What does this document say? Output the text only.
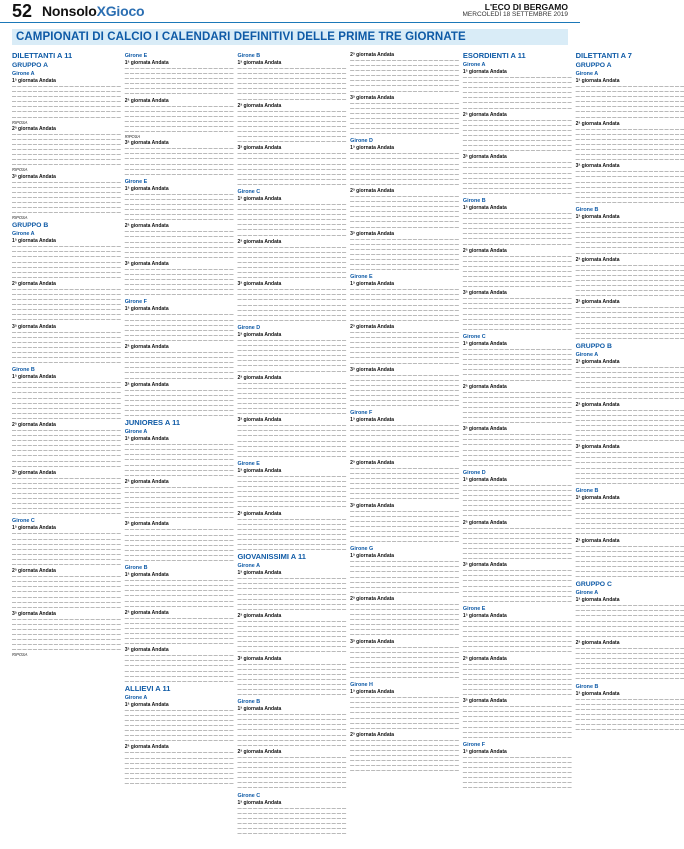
52 NonsoloXGioco	L'ECO DI BERGAMO
MERCOLEDÌ 18 SETTEMBRE 2019
CAMPIONATI DI CALCIO I CALENDARI DEFINITIVI DELLE PRIME TRE GIORNATE
DILETTANTI A 11
GRUPPO A
Girone A
1ª giornata Andata
— — — — — — — — — — — — — — — — — — — — —
— — — — — — — — — — — — — — — — — — — — —
— — — — — — — — — — — — — — — — — — — — —
— — — — — — — — — — — — — — — — — — — — —
— — — — — — — — — — — — — — — — — — — — —
— — — — — — — — — — — — — — — — — — — — —
— — — — — — — — — — — — — — — — — — — — —
RIPOSA
2ª giornata Andata
— — — — — — — — — — — — — — — — — — — — —
— — — — — — — — — — — — — — — — — — — — —
— — — — — — — — — — — — — — — — — — — — —
— — — — — — — — — — — — — — — — — — — — —
— — — — — — — — — — — — — — — — — — — — —
— — — — — — — — — — — — — — — — — — — — —
— — — — — — — — — — — — — — — — — — — — —
RIPOSA
3ª giornata Andata
— — — — — — — — — — — — — — — — — — — — —
— — — — — — — — — — — — — — — — — — — — —
— — — — — — — — — — — — — — — — — — — — —
— — — — — — — — — — — — — — — — — — — — —
— — — — — — — — — — — — — — — — — — — — —
— — — — — — — — — — — — — — — — — — — — —
— — — — — — — — — — — — — — — — — — — — —
RIPOSA
GRUPPO B
Girone A
1ª giornata Andata
— — — — — — — — — — — — — — — — — — — — —
— — — — — — — — — — — — — — — — — — — — —
— — — — — — — — — — — — — — — — — — — — —
— — — — — — — — — — — — — — — — — — — — —
— — — — — — — — — — — — — — — — — — — — —
— — — — — — — — — — — — — — — — — — — — —
— — — — — — — — — — — — — — — — — — — — —
2ª giornata Andata
— — — — — — — — — — — — — — — — — — — — —
— — — — — — — — — — — — — — — — — — — — —
— — — — — — — — — — — — — — — — — — — — —
— — — — — — — — — — — — — — — — — — — — —
— — — — — — — — — — — — — — — — — — — — —
— — — — — — — — — — — — — — — — — — — — —
— — — — — — — — — — — — — — — — — — — — —
3ª giornata Andata
— — — — — — — — — — — — — — — — — — — — —
— — — — — — — — — — — — — — — — — — — — —
— — — — — — — — — — — — — — — — — — — — —
— — — — — — — — — — — — — — — — — — — — —
— — — — — — — — — — — — — — — — — — — — —
— — — — — — — — — — — — — — — — — — — — —
— — — — — — — — — — — — — — — — — — — — —
Girone B
1ª giornata Andata
— — — — — — — — — — — — — — — — — — — — —
— — — — — — — — — — — — — — — — — — — — —
— — — — — — — — — — — — — — — — — — — — —
— — — — — — — — — — — — — — — — — — — — —
— — — — — — — — — — — — — — — — — — — — —
— — — — — — — — — — — — — — — — — — — — —
— — — — — — — — — — — — — — — — — — — — —
— — — — — — — — — — — — — — — — — — — — —
2ª giornata Andata
— — — — — — — — — — — — — — — — — — — — —
— — — — — — — — — — — — — — — — — — — — —
— — — — — — — — — — — — — — — — — — — — —
— — — — — — — — — — — — — — — — — — — — —
— — — — — — — — — — — — — — — — — — — — —
— — — — — — — — — — — — — — — — — — — — —
— — — — — — — — — — — — — — — — — — — — —
— — — — — — — — — — — — — — — — — — — — —
3ª giornata Andata
— — — — — — — — — — — — — — — — — — — — —
— — — — — — — — — — — — — — — — — — — — —
— — — — — — — — — — — — — — — — — — — — —
— — — — — — — — — — — — — — — — — — — — —
— — — — — — — — — — — — — — — — — — — — —
— — — — — — — — — — — — — — — — — — — — —
— — — — — — — — — — — — — — — — — — — — —
— — — — — — — — — — — — — — — — — — — — —
Girone C
1ª giornata Andata
— — — — — — — — — — — — — — — — — — — — —
— — — — — — — — — — — — — — — — — — — — —
— — — — — — — — — — — — — — — — — — — — —
— — — — — — — — — — — — — — — — — — — — —
— — — — — — — — — — — — — — — — — — — — —
— — — — — — — — — — — — — — — — — — — — —
— — — — — — — — — — — — — — — — — — — — —
2ª giornata Andata
— — — — — — — — — — — — — — — — — — — — —
— — — — — — — — — — — — — — — — — — — — —
— — — — — — — — — — — — — — — — — — — — —
— — — — — — — — — — — — — — — — — — — — —
— — — — — — — — — — — — — — — — — — — — —
— — — — — — — — — — — — — — — — — — — — —
— — — — — — — — — — — — — — — — — — — — —
3ª giornata Andata
— — — — — — — — — — — — — — — — — — — — —
— — — — — — — — — — — — — — — — — — — — —
— — — — — — — — — — — — — — — — — — — — —
— — — — — — — — — — — — — — — — — — — — —
— — — — — — — — — — — — — — — — — — — — —
— — — — — — — — — — — — — — — — — — — — —
— — — — — — — — — — — — — — — — — — — — —
RIPOSA
Girone E
1ª giornata Andata
— — — — — — — — — — — — — — — — — — — — —
— — — — — — — — — — — — — — — — — — — — —
— — — — — — — — — — — — — — — — — — — — —
— — — — — — — — — — — — — — — — — — — — —
— — — — — — — — — — — — — — — — — — — — —
— — — — — — — — — — — — — — — — — — — — —
2ª giornata Andata
— — — — — — — — — — — — — — — — — — — — —
— — — — — — — — — — — — — — — — — — — — —
— — — — — — — — — — — — — — — — — — — — —
— — — — — — — — — — — — — — — — — — — — —
— — — — — — — — — — — — — — — — — — — — —
— — — — — — — — — — — — — — — — — — — — —
RIPOSA
3ª giornata Andata
— — — — — — — — — — — — — — — — — — — — —
— — — — — — — — — — — — — — — — — — — — —
— — — — — — — — — — — — — — — — — — — — —
— — — — — — — — — — — — — — — — — — — — —
— — — — — — — — — — — — — — — — — — — — —
— — — — — — — — — — — — — — — — — — — — —
Girone E
1ª giornata Andata
— — — — — — — — — — — — — — — — — — — — —
— — — — — — — — — — — — — — — — — — — — —
— — — — — — — — — — — — — — — — — — — — —
— — — — — — — — — — — — — — — — — — — — —
— — — — — — — — — — — — — — — — — — — — —
— — — — — — — — — — — — — — — — — — — — —
2ª giornata Andata
— — — — — — — — — — — — — — — — — — — — —
— — — — — — — — — — — — — — — — — — — — —
— — — — — — — — — — — — — — — — — — — — —
— — — — — — — — — — — — — — — — — — — — —
— — — — — — — — — — — — — — — — — — — — —
— — — — — — — — — — — — — — — — — — — — —
3ª giornata Andata
— — — — — — — — — — — — — — — — — — — — —
— — — — — — — — — — — — — — — — — — — — —
— — — — — — — — — — — — — — — — — — — — —
— — — — — — — — — — — — — — — — — — — — —
— — — — — — — — — — — — — — — — — — — — —
— — — — — — — — — — — — — — — — — — — — —
Girone F
1ª giornata Andata
— — — — — — — — — — — — — — — — — — — — —
— — — — — — — — — — — — — — — — — — — — —
— — — — — — — — — — — — — — — — — — — — —
— — — — — — — — — — — — — — — — — — — — —
— — — — — — — — — — — — — — — — — — — — —
— — — — — — — — — — — — — — — — — — — — —
2ª giornata Andata
— — — — — — — — — — — — — — — — — — — — —
— — — — — — — — — — — — — — — — — — — — —
— — — — — — — — — — — — — — — — — — — — —
— — — — — — — — — — — — — — — — — — — — —
— — — — — — — — — — — — — — — — — — — — —
— — — — — — — — — — — — — — — — — — — — —
3ª giornata Andata
— — — — — — — — — — — — — — — — — — — — —
— — — — — — — — — — — — — — — — — — — — —
— — — — — — — — — — — — — — — — — — — — —
— — — — — — — — — — — — — — — — — — — — —
— — — — — — — — — — — — — — — — — — — — —
— — — — — — — — — — — — — — — — — — — — —
JUNIORES A 11
Girone A
1ª giornata Andata
— — — — — — — — — — — — — — — — — — — — —
— — — — — — — — — — — — — — — — — — — — —
— — — — — — — — — — — — — — — — — — — — —
— — — — — — — — — — — — — — — — — — — — —
— — — — — — — — — — — — — — — — — — — — —
— — — — — — — — — — — — — — — — — — — — —
— — — — — — — — — — — — — — — — — — — — —
2ª giornata Andata
— — — — — — — — — — — — — — — — — — — — —
— — — — — — — — — — — — — — — — — — — — —
— — — — — — — — — — — — — — — — — — — — —
— — — — — — — — — — — — — — — — — — — — —
— — — — — — — — — — — — — — — — — — — — —
— — — — — — — — — — — — — — — — — — — — —
— — — — — — — — — — — — — — — — — — — — —
3ª giornata Andata
— — — — — — — — — — — — — — — — — — — — —
— — — — — — — — — — — — — — — — — — — — —
— — — — — — — — — — — — — — — — — — — — —
— — — — — — — — — — — — — — — — — — — — —
— — — — — — — — — — — — — — — — — — — — —
— — — — — — — — — — — — — — — — — — — — —
— — — — — — — — — — — — — — — — — — — — —
Girone B
1ª giornata Andata
— — — — — — — — — — — — — — — — — — — — —
— — — — — — — — — — — — — — — — — — — — —
— — — — — — — — — — — — — — — — — — — — —
— — — — — — — — — — — — — — — — — — — — —
— — — — — — — — — — — — — — — — — — — — —
— — — — — — — — — — — — — — — — — — — — —
2ª giornata Andata
— — — — — — — — — — — — — — — — — — — — —
— — — — — — — — — — — — — — — — — — — — —
— — — — — — — — — — — — — — — — — — — — —
— — — — — — — — — — — — — — — — — — — — —
— — — — — — — — — — — — — — — — — — — — —
— — — — — — — — — — — — — — — — — — — — —
3ª giornata Andata
— — — — — — — — — — — — — — — — — — — — —
— — — — — — — — — — — — — — — — — — — — —
— — — — — — — — — — — — — — — — — — — — —
— — — — — — — — — — — — — — — — — — — — —
— — — — — — — — — — — — — — — — — — — — —
— — — — — — — — — — — — — — — — — — — — —
ALLIEVI A 11
Girone A
1ª giornata Andata
— — — — — — — — — — — — — — — — — — — — —
— — — — — — — — — — — — — — — — — — — — —
— — — — — — — — — — — — — — — — — — — — —
— — — — — — — — — — — — — — — — — — — — —
— — — — — — — — — — — — — — — — — — — — —
— — — — — — — — — — — — — — — — — — — — —
— — — — — — — — — — — — — — — — — — — — —
2ª giornata Andata
— — — — — — — — — — — — — — — — — — — — —
— — — — — — — — — — — — — — — — — — — — —
— — — — — — — — — — — — — — — — — — — — —
— — — — — — — — — — — — — — — — — — — — —
— — — — — — — — — — — — — — — — — — — — —
— — — — — — — — — — — — — — — — — — — — —
— — — — — — — — — — — — — — — — — — — — —
Girone B
1ª giornata Andata
— — — — — — — — — — — — — — — — — — — — —
— — — — — — — — — — — — — — — — — — — — —
— — — — — — — — — — — — — — — — — — — — —
— — — — — — — — — — — — — — — — — — — — —
— — — — — — — — — — — — — — — — — — — — —
— — — — — — — — — — — — — — — — — — — — —
— — — — — — — — — — — — — — — — — — — — —
2ª giornata Andata
— — — — — — — — — — — — — — — — — — — — —
— — — — — — — — — — — — — — — — — — — — —
— — — — — — — — — — — — — — — — — — — — —
— — — — — — — — — — — — — — — — — — — — —
— — — — — — — — — — — — — — — — — — — — —
— — — — — — — — — — — — — — — — — — — — —
— — — — — — — — — — — — — — — — — — — — —
3ª giornata Andata
— — — — — — — — — — — — — — — — — — — — —
— — — — — — — — — — — — — — — — — — — — —
— — — — — — — — — — — — — — — — — — — — —
— — — — — — — — — — — — — — — — — — — — —
— — — — — — — — — — — — — — — — — — — — —
— — — — — — — — — — — — — — — — — — — — —
— — — — — — — — — — — — — — — — — — — — —
Girone C
1ª giornata Andata
— — — — — — — — — — — — — — — — — — — — —
— — — — — — — — — — — — — — — — — — — — —
— — — — — — — — — — — — — — — — — — — — —
— — — — — — — — — — — — — — — — — — — — —
— — — — — — — — — — — — — — — — — — — — —
— — — — — — — — — — — — — — — — — — — — —
— — — — — — — — — — — — — — — — — — — — —
2ª giornata Andata
— — — — — — — — — — — — — — — — — — — — —
— — — — — — — — — — — — — — — — — — — — —
— — — — — — — — — — — — — — — — — — — — —
— — — — — — — — — — — — — — — — — — — — —
— — — — — — — — — — — — — — — — — — — — —
— — — — — — — — — — — — — — — — — — — — —
— — — — — — — — — — — — — — — — — — — — —
3ª giornata Andata
— — — — — — — — — — — — — — — — — — — — —
— — — — — — — — — — — — — — — — — — — — —
— — — — — — — — — — — — — — — — — — — — —
— — — — — — — — — — — — — — — — — — — — —
— — — — — — — — — — — — — — — — — — — — —
— — — — — — — — — — — — — — — — — — — — —
— — — — — — — — — — — — — — — — — — — — —
Girone D
1ª giornata Andata
— — — — — — — — — — — — — — — — — — — — —
— — — — — — — — — — — — — — — — — — — — —
— — — — — — — — — — — — — — — — — — — — —
— — — — — — — — — — — — — — — — — — — — —
— — — — — — — — — — — — — — — — — — — — —
— — — — — — — — — — — — — — — — — — — — —
— — — — — — — — — — — — — — — — — — — — —
2ª giornata Andata
— — — — — — — — — — — — — — — — — — — — —
— — — — — — — — — — — — — — — — — — — — —
— — — — — — — — — — — — — — — — — — — — —
— — — — — — — — — — — — — — — — — — — — —
— — — — — — — — — — — — — — — — — — — — —
— — — — — — — — — — — — — — — — — — — — —
— — — — — — — — — — — — — — — — — — — — —
3ª giornata Andata
— — — — — — — — — — — — — — — — — — — — —
— — — — — — — — — — — — — — — — — — — — —
— — — — — — — — — — — — — — — — — — — — —
— — — — — — — — — — — — — — — — — — — — —
— — — — — — — — — — — — — — — — — — — — —
— — — — — — — — — — — — — — — — — — — — —
— — — — — — — — — — — — — — — — — — — — —
Girone E
1ª giornata Andata
— — — — — — — — — — — — — — — — — — — — —
— — — — — — — — — — — — — — — — — — — — —
— — — — — — — — — — — — — — — — — — — — —
— — — — — — — — — — — — — — — — — — — — —
— — — — — — — — — — — — — — — — — — — — —
— — — — — — — — — — — — — — — — — — — — —
— — — — — — — — — — — — — — — — — — — — —
2ª giornata Andata
— — — — — — — — — — — — — — — — — — — — —
— — — — — — — — — — — — — — — — — — — — —
— — — — — — — — — — — — — — — — — — — — —
— — — — — — — — — — — — — — — — — — — — —
— — — — — — — — — — — — — — — — — — — — —
— — — — — — — — — — — — — — — — — — — — —
— — — — — — — — — — — — — — — — — — — — —
GIOVANISSIMI A 11
Girone A
1ª giornata Andata
— — — — — — — — — — — — — — — — — — — — —
— — — — — — — — — — — — — — — — — — — — —
— — — — — — — — — — — — — — — — — — — — —
— — — — — — — — — — — — — — — — — — — — —
— — — — — — — — — — — — — — — — — — — — —
— — — — — — — — — — — — — — — — — — — — —
— — — — — — — — — — — — — — — — — — — — —
2ª giornata Andata
— — — — — — — — — — — — — — — — — — — — —
— — — — — — — — — — — — — — — — — — — — —
— — — — — — — — — — — — — — — — — — — — —
— — — — — — — — — — — — — — — — — — — — —
— — — — — — — — — — — — — — — — — — — — —
— — — — — — — — — — — — — — — — — — — — —
— — — — — — — — — — — — — — — — — — — — —
3ª giornata Andata
— — — — — — — — — — — — — — — — — — — — —
— — — — — — — — — — — — — — — — — — — — —
— — — — — — — — — — — — — — — — — — — — —
— — — — — — — — — — — — — — — — — — — — —
— — — — — — — — — — — — — — — — — — — — —
— — — — — — — — — — — — — — — — — — — — —
— — — — — — — — — — — — — — — — — — — — —
Girone B
1ª giornata Andata
— — — — — — — — — — — — — — — — — — — — —
— — — — — — — — — — — — — — — — — — — — —
— — — — — — — — — — — — — — — — — — — — —
— — — — — — — — — — — — — — — — — — — — —
— — — — — — — — — — — — — — — — — — — — —
— — — — — — — — — — — — — — — — — — — — —
— — — — — — — — — — — — — — — — — — — — —
2ª giornata Andata
— — — — — — — — — — — — — — — — — — — — —
— — — — — — — — — — — — — — — — — — — — —
— — — — — — — — — — — — — — — — — — — — —
— — — — — — — — — — — — — — — — — — — — —
— — — — — — — — — — — — — — — — — — — — —
— — — — — — — — — — — — — — — — — — — — —
— — — — — — — — — — — — — — — — — — — — —
Girone C
1ª giornata Andata
— — — — — — — — — — — — — — — — — — — — —
— — — — — — — — — — — — — — — — — — — — —
— — — — — — — — — — — — — — — — — — — — —
— — — — — — — — — — — — — — — — — — — — —
— — — — — — — — — — — — — — — — — — — — —
— — — — — — — — — — — — — — — — — — — — —
2ª giornata Andata
— — — — — — — — — — — — — — — — — — — — —
— — — — — — — — — — — — — — — — — — — — —
— — — — — — — — — — — — — — — — — — — — —
— — — — — — — — — — — — — — — — — — — — —
— — — — — — — — — — — — — — — — — — — — —
— — — — — — — — — — — — — — — — — — — — —
— — — — — — — — — — — — — — — — — — — — —
3ª giornata Andata
— — — — — — — — — — — — — — — — — — — — —
— — — — — — — — — — — — — — — — — — — — —
— — — — — — — — — — — — — — — — — — — — —
— — — — — — — — — — — — — — — — — — — — —
— — — — — — — — — — — — — — — — — — — — —
— — — — — — — — — — — — — — — — — — — — —
— — — — — — — — — — — — — — — — — — — — —
Girone D
1ª giornata Andata
— — — — — — — — — — — — — — — — — — — — —
— — — — — — — — — — — — — — — — — — — — —
— — — — — — — — — — — — — — — — — — — — —
— — — — — — — — — — — — — — — — — — — — —
— — — — — — — — — — — — — — — — — — — — —
— — — — — — — — — — — — — — — — — — — — —
— — — — — — — — — — — — — — — — — — — — —
2ª giornata Andata
— — — — — — — — — — — — — — — — — — — — —
— — — — — — — — — — — — — — — — — — — — —
— — — — — — — — — — — — — — — — — — — — —
— — — — — — — — — — — — — — — — — — — — —
— — — — — — — — — — — — — — — — — — — — —
— — — — — — — — — — — — — — — — — — — — —
— — — — — — — — — — — — — — — — — — — — —
3ª giornata Andata
— — — — — — — — — — — — — — — — — — — — —
— — — — — — — — — — — — — — — — — — — — —
— — — — — — — — — — — — — — — — — — — — —
— — — — — — — — — — — — — — — — — — — — —
— — — — — — — — — — — — — — — — — — — — —
— — — — — — — — — — — — — — — — — — — — —
— — — — — — — — — — — — — — — — — — — — —
Girone E
1ª giornata Andata
— — — — — — — — — — — — — — — — — — — — —
— — — — — — — — — — — — — — — — — — — — —
— — — — — — — — — — — — — — — — — — — — —
— — — — — — — — — — — — — — — — — — — — —
— — — — — — — — — — — — — — — — — — — — —
— — — — — — — — — — — — — — — — — — — — —
— — — — — — — — — — — — — — — — — — — — —
2ª giornata Andata
— — — — — — — — — — — — — — — — — — — — —
— — — — — — — — — — — — — — — — — — — — —
— — — — — — — — — — — — — — — — — — — — —
— — — — — — — — — — — — — — — — — — — — —
— — — — — — — — — — — — — — — — — — — — —
— — — — — — — — — — — — — — — — — — — — —
— — — — — — — — — — — — — — — — — — — — —
3ª giornata Andata
— — — — — — — — — — — — — — — — — — — — —
— — — — — — — — — — — — — — — — — — — — —
— — — — — — — — — — — — — — — — — — — — —
— — — — — — — — — — — — — — — — — — — — —
— — — — — — — — — — — — — — — — — — — — —
— — — — — — — — — — — — — — — — — — — — —
— — — — — — — — — — — — — — — — — — — — —
Girone F
1ª giornata Andata
— — — — — — — — — — — — — — — — — — — — —
— — — — — — — — — — — — — — — — — — — — —
— — — — — — — — — — — — — — — — — — — — —
— — — — — — — — — — — — — — — — — — — — —
— — — — — — — — — — — — — — — — — — — — —
— — — — — — — — — — — — — — — — — — — — —
— — — — — — — — — — — — — — — — — — — — —
2ª giornata Andata
— — — — — — — — — — — — — — — — — — — — —
— — — — — — — — — — — — — — — — — — — — —
— — — — — — — — — — — — — — — — — — — — —
— — — — — — — — — — — — — — — — — — — — —
— — — — — — — — — — — — — — — — — — — — —
— — — — — — — — — — — — — — — — — — — — —
— — — — — — — — — — — — — — — — — — — — —
3ª giornata Andata
— — — — — — — — — — — — — — — — — — — — —
— — — — — — — — — — — — — — — — — — — — —
— — — — — — — — — — — — — — — — — — — — —
— — — — — — — — — — — — — — — — — — — — —
— — — — — — — — — — — — — — — — — — — — —
— — — — — — — — — — — — — — — — — — — — —
— — — — — — — — — — — — — — — — — — — — —
Girone G
1ª giornata Andata
— — — — — — — — — — — — — — — — — — — — —
— — — — — — — — — — — — — — — — — — — — —
— — — — — — — — — — — — — — — — — — — — —
— — — — — — — — — — — — — — — — — — — — —
— — — — — — — — — — — — — — — — — — — — —
— — — — — — — — — — — — — — — — — — — — —
— — — — — — — — — — — — — — — — — — — — —
2ª giornata Andata
— — — — — — — — — — — — — — — — — — — — —
— — — — — — — — — — — — — — — — — — — — —
— — — — — — — — — — — — — — — — — — — — —
— — — — — — — — — — — — — — — — — — — — —
— — — — — — — — — — — — — — — — — — — — —
— — — — — — — — — — — — — — — — — — — — —
— — — — — — — — — — — — — — — — — — — — —
3ª giornata Andata
— — — — — — — — — — — — — — — — — — — — —
— — — — — — — — — — — — — — — — — — — — —
— — — — — — — — — — — — — — — — — — — — —
— — — — — — — — — — — — — — — — — — — — —
— — — — — — — — — — — — — — — — — — — — —
— — — — — — — — — — — — — — — — — — — — —
— — — — — — — — — — — — — — — — — — — — —
Girone H
1ª giornata Andata
— — — — — — — — — — — — — — — — — — — — —
— — — — — — — — — — — — — — — — — — — — —
— — — — — — — — — — — — — — — — — — — — —
— — — — — — — — — — — — — — — — — — — — —
— — — — — — — — — — — — — — — — — — — — —
— — — — — — — — — — — — — — — — — — — — —
— — — — — — — — — — — — — — — — — — — — —
2ª giornata Andata
— — — — — — — — — — — — — — — — — — — — —
— — — — — — — — — — — — — — — — — — — — —
— — — — — — — — — — — — — — — — — — — — —
— — — — — — — — — — — — — — — — — — — — —
— — — — — — — — — — — — — — — — — — — — —
— — — — — — — — — — — — — — — — — — — — —
— — — — — — — — — — — — — — — — — — — — —
ESORDIENTI A 11
Girone A
1ª giornata Andata
— — — — — — — — — — — — — — — — — — — — —
— — — — — — — — — — — — — — — — — — — — —
— — — — — — — — — — — — — — — — — — — — —
— — — — — — — — — — — — — — — — — — — — —
— — — — — — — — — — — — — — — — — — — — —
— — — — — — — — — — — — — — — — — — — — —
— — — — — — — — — — — — — — — — — — — — —
2ª giornata Andata
— — — — — — — — — — — — — — — — — — — — —
— — — — — — — — — — — — — — — — — — — — —
— — — — — — — — — — — — — — — — — — — — —
— — — — — — — — — — — — — — — — — — — — —
— — — — — — — — — — — — — — — — — — — — —
— — — — — — — — — — — — — — — — — — — — —
— — — — — — — — — — — — — — — — — — — — —
3ª giornata Andata
— — — — — — — — — — — — — — — — — — — — —
— — — — — — — — — — — — — — — — — — — — —
— — — — — — — — — — — — — — — — — — — — —
— — — — — — — — — — — — — — — — — — — — —
— — — — — — — — — — — — — — — — — — — — —
— — — — — — — — — — — — — — — — — — — — —
— — — — — — — — — — — — — — — — — — — — —
Girone B
1ª giornata Andata
— — — — — — — — — — — — — — — — — — — — —
— — — — — — — — — — — — — — — — — — — — —
— — — — — — — — — — — — — — — — — — — — —
— — — — — — — — — — — — — — — — — — — — —
— — — — — — — — — — — — — — — — — — — — —
— — — — — — — — — — — — — — — — — — — — —
— — — — — — — — — — — — — — — — — — — — —
2ª giornata Andata
— — — — — — — — — — — — — — — — — — — — —
— — — — — — — — — — — — — — — — — — — — —
— — — — — — — — — — — — — — — — — — — — —
— — — — — — — — — — — — — — — — — — — — —
— — — — — — — — — — — — — — — — — — — — —
— — — — — — — — — — — — — — — — — — — — —
— — — — — — — — — — — — — — — — — — — — —
3ª giornata Andata
— — — — — — — — — — — — — — — — — — — — —
— — — — — — — — — — — — — — — — — — — — —
— — — — — — — — — — — — — — — — — — — — —
— — — — — — — — — — — — — — — — — — — — —
— — — — — — — — — — — — — — — — — — — — —
— — — — — — — — — — — — — — — — — — — — —
— — — — — — — — — — — — — — — — — — — — —
Girone C
1ª giornata Andata
— — — — — — — — — — — — — — — — — — — — —
— — — — — — — — — — — — — — — — — — — — —
— — — — — — — — — — — — — — — — — — — — —
— — — — — — — — — — — — — — — — — — — — —
— — — — — — — — — — — — — — — — — — — — —
— — — — — — — — — — — — — — — — — — — — —
— — — — — — — — — — — — — — — — — — — — —
2ª giornata Andata
— — — — — — — — — — — — — — — — — — — — —
— — — — — — — — — — — — — — — — — — — — —
— — — — — — — — — — — — — — — — — — — — —
— — — — — — — — — — — — — — — — — — — — —
— — — — — — — — — — — — — — — — — — — — —
— — — — — — — — — — — — — — — — — — — — —
— — — — — — — — — — — — — — — — — — — — —
3ª giornata Andata
— — — — — — — — — — — — — — — — — — — — —
— — — — — — — — — — — — — — — — — — — — —
— — — — — — — — — — — — — — — — — — — — —
— — — — — — — — — — — — — — — — — — — — —
— — — — — — — — — — — — — — — — — — — — —
— — — — — — — — — — — — — — — — — — — — —
— — — — — — — — — — — — — — — — — — — — —
Girone D
1ª giornata Andata
— — — — — — — — — — — — — — — — — — — — —
— — — — — — — — — — — — — — — — — — — — —
— — — — — — — — — — — — — — — — — — — — —
— — — — — — — — — — — — — — — — — — — — —
— — — — — — — — — — — — — — — — — — — — —
— — — — — — — — — — — — — — — — — — — — —
— — — — — — — — — — — — — — — — — — — — —
2ª giornata Andata
— — — — — — — — — — — — — — — — — — — — —
— — — — — — — — — — — — — — — — — — — — —
— — — — — — — — — — — — — — — — — — — — —
— — — — — — — — — — — — — — — — — — — — —
— — — — — — — — — — — — — — — — — — — — —
— — — — — — — — — — — — — — — — — — — — —
— — — — — — — — — — — — — — — — — — — — —
3ª giornata Andata
— — — — — — — — — — — — — — — — — — — — —
— — — — — — — — — — — — — — — — — — — — —
— — — — — — — — — — — — — — — — — — — — —
— — — — — — — — — — — — — — — — — — — — —
— — — — — — — — — — — — — — — — — — — — —
— — — — — — — — — — — — — — — — — — — — —
— — — — — — — — — — — — — — — — — — — — —
Girone E
1ª giornata Andata
— — — — — — — — — — — — — — — — — — — — —
— — — — — — — — — — — — — — — — — — — — —
— — — — — — — — — — — — — — — — — — — — —
— — — — — — — — — — — — — — — — — — — — —
— — — — — — — — — — — — — — — — — — — — —
— — — — — — — — — — — — — — — — — — — — —
— — — — — — — — — — — — — — — — — — — — —
2ª giornata Andata
— — — — — — — — — — — — — — — — — — — — —
— — — — — — — — — — — — — — — — — — — — —
— — — — — — — — — — — — — — — — — — — — —
— — — — — — — — — — — — — — — — — — — — —
— — — — — — — — — — — — — — — — — — — — —
— — — — — — — — — — — — — — — — — — — — —
— — — — — — — — — — — — — — — — — — — — —
3ª giornata Andata
— — — — — — — — — — — — — — — — — — — — —
— — — — — — — — — — — — — — — — — — — — —
— — — — — — — — — — — — — — — — — — — — —
— — — — — — — — — — — — — — — — — — — — —
— — — — — — — — — — — — — — — — — — — — —
— — — — — — — — — — — — — — — — — — — — —
— — — — — — — — — — — — — — — — — — — — —
Girone F
1ª giornata Andata
— — — — — — — — — — — — — — — — — — — — —
— — — — — — — — — — — — — — — — — — — — —
— — — — — — — — — — — — — — — — — — — — —
— — — — — — — — — — — — — — — — — — — — —
— — — — — — — — — — — — — — — — — — — — —
— — — — — — — — — — — — — — — — — — — — —
— — — — — — — — — — — — — — — — — — — — —
DILETTANTI A 7
GRUPPO A
Girone A
1ª giornata Andata
— — — — — — — — — — — — — — — — — — — — —
— — — — — — — — — — — — — — — — — — — — —
— — — — — — — — — — — — — — — — — — — — —
— — — — — — — — — — — — — — — — — — — — —
— — — — — — — — — — — — — — — — — — — — —
— — — — — — — — — — — — — — — — — — — — —
— — — — — — — — — — — — — — — — — — — — —
2ª giornata Andata
— — — — — — — — — — — — — — — — — — — — —
— — — — — — — — — — — — — — — — — — — — —
— — — — — — — — — — — — — — — — — — — — —
— — — — — — — — — — — — — — — — — — — — —
— — — — — — — — — — — — — — — — — — — — —
— — — — — — — — — — — — — — — — — — — — —
— — — — — — — — — — — — — — — — — — — — —
3ª giornata Andata
— — — — — — — — — — — — — — — — — — — — —
— — — — — — — — — — — — — — — — — — — — —
— — — — — — — — — — — — — — — — — — — — —
— — — — — — — — — — — — — — — — — — — — —
— — — — — — — — — — — — — — — — — — — — —
— — — — — — — — — — — — — — — — — — — — —
— — — — — — — — — — — — — — — — — — — — —
Girone B
1ª giornata Andata
— — — — — — — — — — — — — — — — — — — — —
— — — — — — — — — — — — — — — — — — — — —
— — — — — — — — — — — — — — — — — — — — —
— — — — — — — — — — — — — — — — — — — — —
— — — — — — — — — — — — — — — — — — — — —
— — — — — — — — — — — — — — — — — — — — —
— — — — — — — — — — — — — — — — — — — — —
2ª giornata Andata
— — — — — — — — — — — — — — — — — — — — —
— — — — — — — — — — — — — — — — — — — — —
— — — — — — — — — — — — — — — — — — — — —
— — — — — — — — — — — — — — — — — — — — —
— — — — — — — — — — — — — — — — — — — — —
— — — — — — — — — — — — — — — — — — — — —
— — — — — — — — — — — — — — — — — — — — —
3ª giornata Andata
— — — — — — — — — — — — — — — — — — — — —
— — — — — — — — — — — — — — — — — — — — —
— — — — — — — — — — — — — — — — — — — — —
— — — — — — — — — — — — — — — — — — — — —
— — — — — — — — — — — — — — — — — — — — —
— — — — — — — — — — — — — — — — — — — — —
— — — — — — — — — — — — — — — — — — — — —
GRUPPO B
Girone A
1ª giornata Andata
— — — — — — — — — — — — — — — — — — — — —
— — — — — — — — — — — — — — — — — — — — —
— — — — — — — — — — — — — — — — — — — — —
— — — — — — — — — — — — — — — — — — — — —
— — — — — — — — — — — — — — — — — — — — —
— — — — — — — — — — — — — — — — — — — — —
— — — — — — — — — — — — — — — — — — — — —
2ª giornata Andata
— — — — — — — — — — — — — — — — — — — — —
— — — — — — — — — — — — — — — — — — — — —
— — — — — — — — — — — — — — — — — — — — —
— — — — — — — — — — — — — — — — — — — — —
— — — — — — — — — — — — — — — — — — — — —
— — — — — — — — — — — — — — — — — — — — —
— — — — — — — — — — — — — — — — — — — — —
3ª giornata Andata
— — — — — — — — — — — — — — — — — — — — —
— — — — — — — — — — — — — — — — — — — — —
— — — — — — — — — — — — — — — — — — — — —
— — — — — — — — — — — — — — — — — — — — —
— — — — — — — — — — — — — — — — — — — — —
— — — — — — — — — — — — — — — — — — — — —
— — — — — — — — — — — — — — — — — — — — —
Girone B
1ª giornata Andata
— — — — — — — — — — — — — — — — — — — — —
— — — — — — — — — — — — — — — — — — — — —
— — — — — — — — — — — — — — — — — — — — —
— — — — — — — — — — — — — — — — — — — — —
— — — — — — — — — — — — — — — — — — — — —
— — — — — — — — — — — — — — — — — — — — —
— — — — — — — — — — — — — — — — — — — — —
2ª giornata Andata
— — — — — — — — — — — — — — — — — — — — —
— — — — — — — — — — — — — — — — — — — — —
— — — — — — — — — — — — — — — — — — — — —
— — — — — — — — — — — — — — — — — — — — —
— — — — — — — — — — — — — — — — — — — — —
— — — — — — — — — — — — — — — — — — — — —
— — — — — — — — — — — — — — — — — — — — —
GRUPPO C
Girone A
1ª giornata Andata
— — — — — — — — — — — — — — — — — — — — —
— — — — — — — — — — — — — — — — — — — — —
— — — — — — — — — — — — — — — — — — — — —
— — — — — — — — — — — — — — — — — — — — —
— — — — — — — — — — — — — — — — — — — — —
— — — — — — — — — — — — — — — — — — — — —
— — — — — — — — — — — — — — — — — — — — —
2ª giornata Andata
— — — — — — — — — — — — — — — — — — — — —
— — — — — — — — — — — — — — — — — — — — —
— — — — — — — — — — — — — — — — — — — — —
— — — — — — — — — — — — — — — — — — — — —
— — — — — — — — — — — — — — — — — — — — —
— — — — — — — — — — — — — — — — — — — — —
— — — — — — — — — — — — — — — — — — — — —
Girone B
1ª giornata Andata
— — — — — — — — — — — — — — — — — — — — —
— — — — — — — — — — — — — — — — — — — — —
— — — — — — — — — — — — — — — — — — — — —
— — — — — — — — — — — — — — — — — — — — —
— — — — — — — — — — — — — — — — — — — — —
— — — — — — — — — — — — — — — — — — — — —
— — — — — — — — — — — — — — — — — — — — —
